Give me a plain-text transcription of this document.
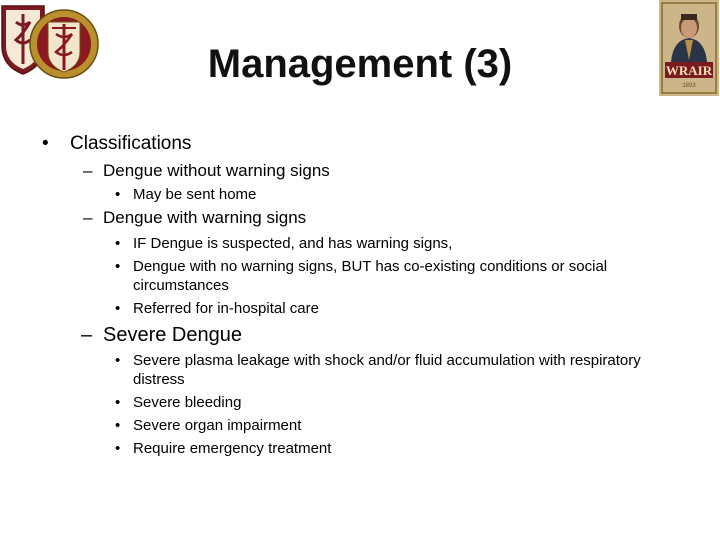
WRAIR
1893
Management (3)
• Classifications
– Dengue without warning signs
• May be sent home
– Dengue with warning signs
• IF Dengue is suspected, and has warning signs,
• Dengue with no warning signs, BUT has co-existing conditions or social
circumstances
• Referred for in-hospital care
– Severe Dengue
• Severe plasma leakage with shock and/or fluid accumulation with respiratory
distress
• Severe bleeding
• Severe organ impairment
• Require emergency treatment
